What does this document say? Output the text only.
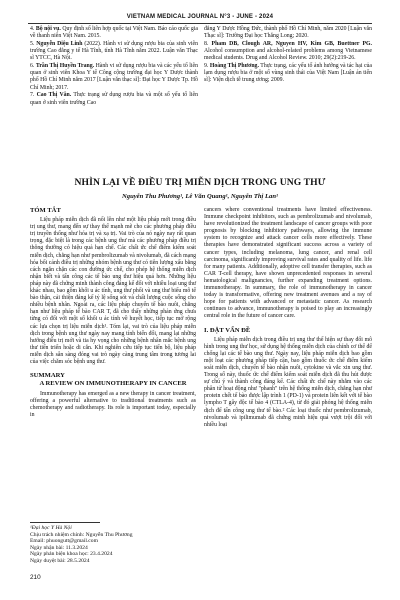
VIETNAM MEDICAL JOURNAL N°3 - JUNE - 2024
4. Bộ nội vụ. Quy định số liên hợp quốc tại Việt Nam. Báo cáo quốc gia về thanh niên Việt Nam. 2015.
5. Nguyễn Diệu Linh (2022). Hành vi sử dụng rượu bia của sinh viên trường Cao đẳng y tế Hà Tĩnh, tỉnh Hà Tĩnh năm 2022. Luận văn Thạc sĩ YTCC, Hà Nội.
6. Trần Thị Huyền Trang. Hành vi sử dụng rượu bia và các yếu tố liên quan ở sinh viên Khoa Y tế Công cộng trường đại học Y Dược thành phố Hồ Chí Minh năm 2017 [Luận văn thạc sĩ]: Đại học Y Dược Tp. Hồ Chí Minh; 2017.
7. Cao Thị Vân. Thực trạng sử dụng rượu bia và một số yếu tố liên quan ở sinh viên trường Cao
đẳng Y Dược Hồng Đức, thành phố Hồ Chí Minh, năm 2020 [Luận văn Thạc sĩ]: Trường Đại học Thăng Long; 2020.
8. Pham DB, Clough AR, Nguyen HV, Kim GB, Buettner PG. Alcohol consumption and alcohol-related problems among Vietnamese medical students. Drug and Alcohol Review. 2010; 29(2):219-26.
9. Hoàng Thị Phương. Thực trạng, các yếu tố ảnh hưởng và tác hại của lạm dụng rượu bia ở một số vùng sinh thái của Việt Nam [Luận án tiến sĩ]: Viện dịch tễ trung ương; 2009.
NHÌN LẠI VỀ ĐIỀU TRỊ MIỄN DỊCH TRONG UNG THƯ
Nguyễn Thu Phương¹, Lê Văn Quang¹, Nguyễn Thị Lan¹
TÓM TẮT

Liệu pháp miễn dịch đã nổi lên như một liệu pháp mới trong điều trị ung thư, mang đến sự thay thế mạnh mẽ cho các phương pháp điều trị truyền thống như hóa trị và xạ trị. Vai trò của nó ngày nay rất quan trọng, đặc biệt là trong các bệnh ung thư mà các phương pháp điều trị thông thường có hiệu quả hạn chế. Các chất ức chế điểm kiểm soát miễn dịch, chẳng hạn như pembrolizumab và nivolumab, đã cách mạng hóa bối cảnh điều trị những nhóm bệnh ung thư có tiên lượng xấu bằng cách ngăn chặn các con đường ức chế, cho phép hệ thống miễn dịch nhận biết và tấn công các tế bào ung thư hiệu quả hơn. Những liệu pháp này đã chứng minh thành công đáng kể đối với nhiều loại ung thư khác nhau, bao gồm khối u ác tính, ung thư phổi và ung thư biểu mô tế bào thận, cải thiện đáng kể tỷ lệ sống sót và chất lượng cuộc sống cho nhiều bệnh nhân. Ngoài ra, các liệu pháp chuyển tế bào nuôi, chẳng hạn như liệu pháp tế bào CAR T, đã cho thấy những phản ứng chưa từng có đối với một số khối u ác tính về huyết học, tiếp tục mở rộng các lựa chọn trị liệu miễn dịch¹. Tóm lại, vai trò của liệu pháp miễn dịch trong bệnh ung thư ngày nay mang tính biến đổi, mang lại những hướng điều trị mới và tia hy vọng cho những bệnh nhân mắc bệnh ung thư tiến triển hoặc di căn. Khi nghiên cứu tiếp tục tiến bộ, liệu pháp miễn dịch sẵn sàng đóng vai trò ngày càng trung tâm trong tương lai của việc chăm sóc bệnh ung thư.

SUMMARY
A REVIEW ON IMMUNOTHERAPY IN CANCER

Immunotherapy has emerged as a new therapy in cancer treatment, offering a powerful alternative to traditional treatments such as chemotherapy and radiotherapy. Its role is important today, especially in

cancers where conventional treatments have limited effectiveness. Immune checkpoint inhibitors, such as pembrolizumab and nivolumab, have revolutionized the treatment landscape of cancer groups with poor prognosis by blocking inhibitory pathways, allowing the immune system to recognize and attack cancer cells more effectively. These therapies have demonstrated significant success across a variety of cancer types, including melanoma, lung cancer, and renal cell carcinoma, significantly improving survival rates and quality of life. life for many patients. Additionally, adoptive cell transfer therapies, such as CAR T-cell therapy, have shown unprecedented responses in several hematological malignancies, further expanding treatment options. immunotherapy. In summary, the role of immunotherapy in cancer today is transformative, offering new treatment avenues and a ray of hope for patients with advanced or metastatic cancer. As research continues to advance, immunotherapy is poised to play an increasingly central role in the future of cancer care.

I. ĐẶT VẤN ĐỀ

Liệu pháp miễn dịch trong điều trị ung thư thể hiện sự thay đổi mô hình trong ung thư học, sử dụng hệ thống miễn dịch của chính cơ thể để chống lại các tế bào ung thư. Ngày nay, liệu pháp miễn dịch bao gồm một loạt các phương pháp tiếp cận, bao gồm thuốc ức chế điểm kiểm soát miễn dịch, chuyển tế bào nhận nuôi, cytokine và vắc xin ung thư. Trong số này, thuốc ức chế điểm kiểm soát miễn dịch đã thu hút được sự chú ý và thành công đáng kể. Các chất ức chế này nhắm vào các phân tử hoạt động như "phanh" trên hệ thống miễn dịch, chẳng hạn như protein chết tế bào được lập trình 1 (PD-1) và protein liên kết với tế bào lympho T gây độc tế bào 4 (CTLA-4), từ đó giải phóng hệ thống miễn dịch để tấn công ung thư tế bào.² Các loại thuốc như pembrolizumab, nivolumab và ipilimumab đã chứng minh hiệu quả vượt trội đối với nhiều loại

¹Đại học Y Hà Nội
Chịu trách nhiệm chính: Nguyễn Thu Phương
Email: phuongutt@gmail.com
Ngày nhận bài: 11.3.2024
Ngày phản biện khoa học: 23.4.2024
Ngày duyệt bài: 28.5.2024
210
